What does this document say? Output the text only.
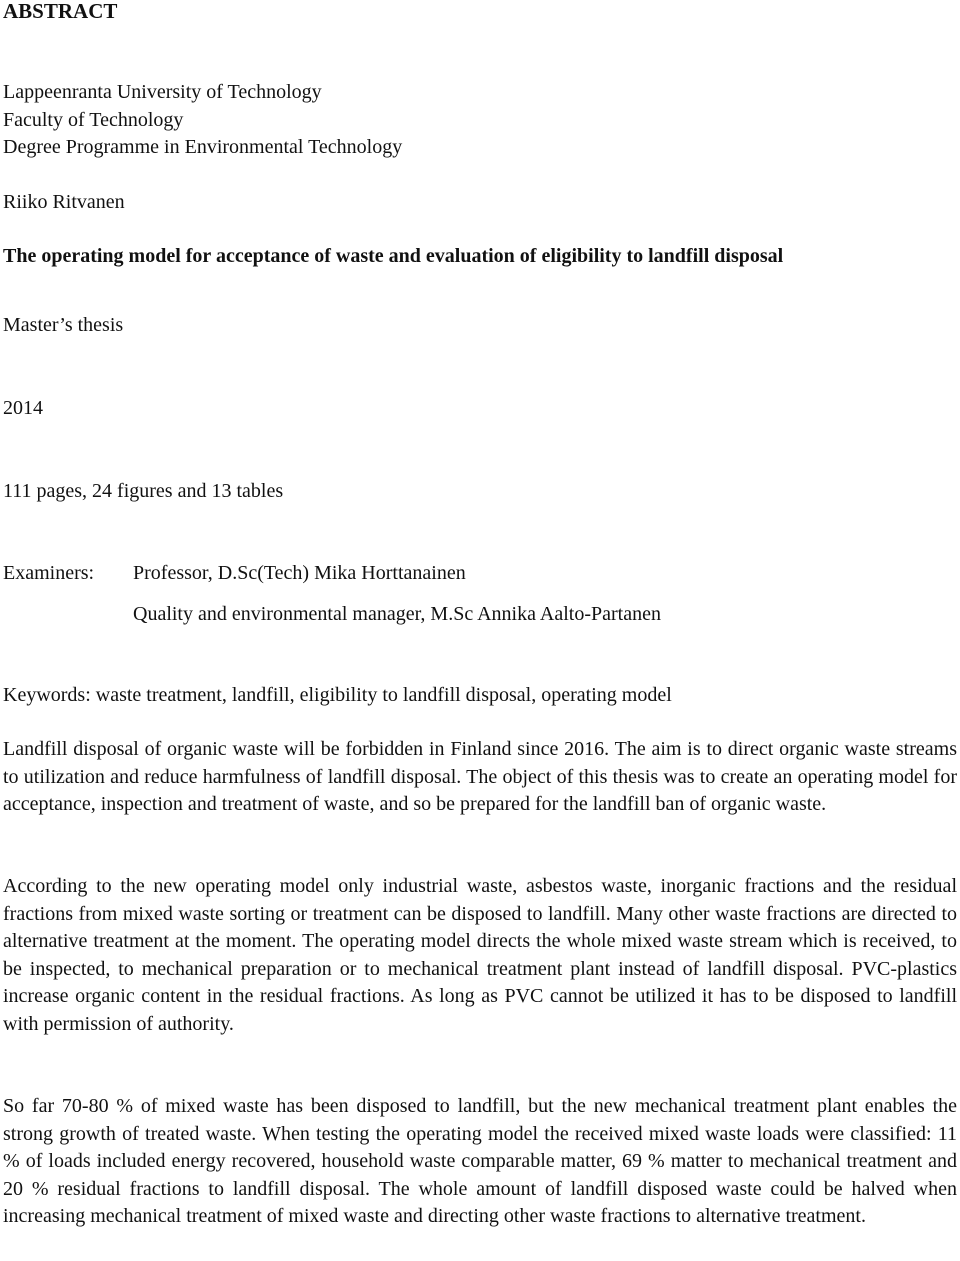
ABSTRACT
Lappeenranta University of Technology
Faculty of Technology
Degree Programme in Environmental Technology
Riiko Ritvanen
The operating model for acceptance of waste and evaluation of eligibility to landfill disposal
Master’s thesis
2014
111 pages, 24 figures and 13 tables
Examiners: Professor, D.Sc(Tech) Mika Horttanainen
Quality and environmental manager, M.Sc Annika Aalto-Partanen
Keywords: waste treatment, landfill, eligibility to landfill disposal, operating model

Landfill disposal of organic waste will be forbidden in Finland since 2016. The aim is to direct organic waste streams to utilization and reduce harmfulness of landfill disposal. The object of this thesis was to create an operating model for acceptance, inspection and treatment of waste, and so be prepared for the landfill ban of organic waste.

According to the new operating model only industrial waste, asbestos waste, inorganic fractions and the residual fractions from mixed waste sorting or treatment can be disposed to landfill. Many other waste fractions are directed to alternative treatment at the moment. The operating model directs the whole mixed waste stream which is received, to be inspected, to mechanical preparation or to mechanical treatment plant instead of landfill disposal. PVC-plastics increase organic content in the residual fractions. As long as PVC cannot be utilized it has to be disposed to landfill with permission of authority.

So far 70-80 % of mixed waste has been disposed to landfill, but the new mechanical treatment plant enables the strong growth of treated waste. When testing the operating model the received mixed waste loads were classified: 11 % of loads included energy recovered, household waste comparable matter, 69 % matter to mechanical treatment and 20 % residual fractions to landfill disposal. The whole amount of landfill disposed waste could be halved when increasing mechanical treatment of mixed waste and directing other waste fractions to alternative treatment.
